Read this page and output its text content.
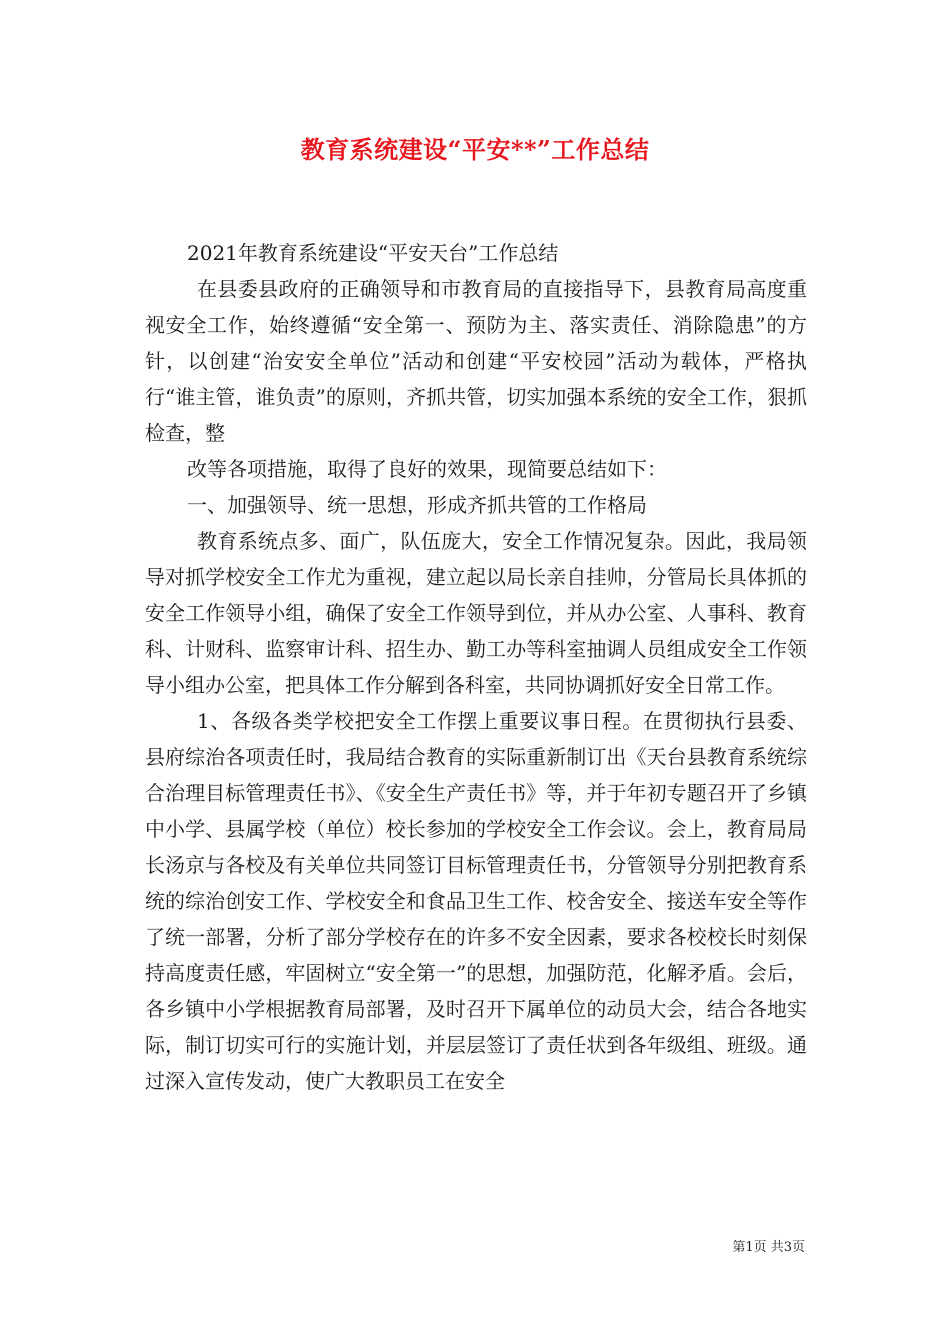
教育系统建设“平安**”工作总结

2021年教育系统建设“平安天台”工作总结

在县委县政府的正确领导和市教育局的直接指导下，县教育局高度重视安全工作，始终遵循“安全第一、预防为主、落实责任、消除隐患”的方针，以创建“治安安全单位”活动和创建“平安校园”活动为载体，严格执行“谁主管，谁负责”的原则，齐抓共管，切实加强本系统的安全工作，狠抓检查，整

改等各项措施，取得了良好的效果，现简要总结如下：

一、加强领导、统一思想，形成齐抓共管的工作格局

教育系统点多、面广，队伍庞大，安全工作情况复杂。因此，我局领导对抓学校安全工作尤为重视，建立起以局长亲自挂帅，分管局长具体抓的安全工作领导小组，确保了安全工作领导到位，并从办公室、人事科、教育科、计财科、监察审计科、招生办、勤工办等科室抽调人员组成安全工作领导小组办公室，把具体工作分解到各科室，共同协调抓好安全日常工作。

1、各级各类学校把安全工作摆上重要议事日程。在贯彻执行县委、县府综治各项责任时，我局结合教育的实际重新制订出《天台县教育系统综合治理目标管理责任书》、《安全生产责任书》等，并于年初专题召开了乡镇中小学、县属学校（单位）校长参加的学校安全工作会议。会上，教育局局长汤京与各校及有关单位共同签订目标管理责任书，分管领导分别把教育系统的综治创安工作、学校安全和食品卫生工作、校舍安全、接送车安全等作了统一部署，分析了部分学校存在的许多不安全因素，要求各校校长时刻保持高度责任感，牢固树立“安全第一”的思想，加强防范，化解矛盾。会后，各乡镇中小学根据教育局部署，及时召开下属单位的动员大会，结合各地实际，制订切实可行的实施计划，并层层签订了责任状到各年级组、班级。通过深入宣传发动，使广大教职员工在安全

第1页 共3页
